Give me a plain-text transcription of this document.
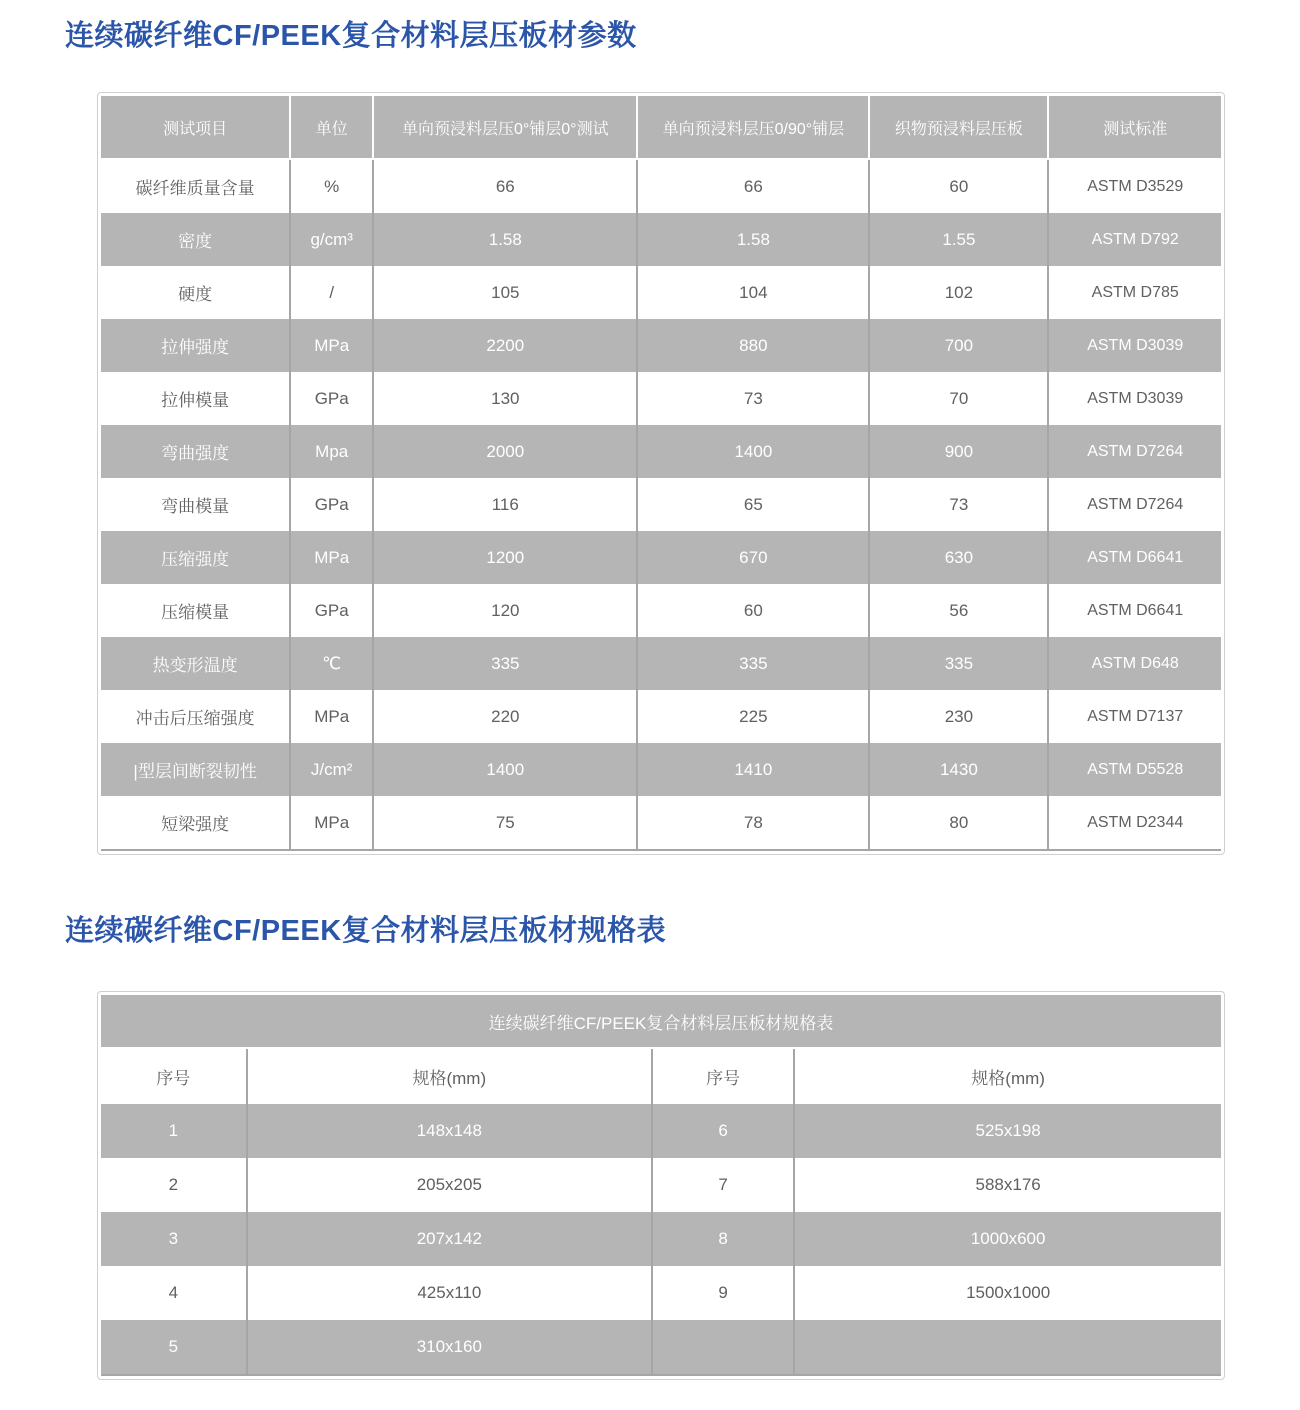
连续碳纤维CF/PEEK复合材料层压板材参数
测试项目	单位	单向预浸料层压0°铺层0°测试	单向预浸料层压0/90°铺层	织物预浸料层压板	测试标准
碳纤维质量含量	%	66	66	60	ASTM D3529
密度	g/cm³	1.58	1.58	1.55	ASTM D792
硬度	/	105	104	102	ASTM D785
拉伸强度	MPa	2200	880	700	ASTM D3039
拉伸模量	GPa	130	73	70	ASTM D3039
弯曲强度	Mpa	2000	1400	900	ASTM D7264
弯曲模量	GPa	116	65	73	ASTM D7264
压缩强度	MPa	1200	670	630	ASTM D6641
压缩模量	GPa	120	60	56	ASTM D6641
热变形温度	℃	335	335	335	ASTM D648
冲击后压缩强度	MPa	220	225	230	ASTM D7137
|型层间断裂韧性	J/cm²	1400	1410	1430	ASTM D5528
短梁强度	MPa	75	78	80	ASTM D2344
连续碳纤维CF/PEEK复合材料层压板材规格表
连续碳纤维CF/PEEK复合材料层压板材规格表			
序号	规格(mm)	序号	规格(mm)
1	148x148	6	525x198
2	205x205	7	588x176
3	207x142	8	1000x600
4	425x110	9	1500x1000
5	310x160		
